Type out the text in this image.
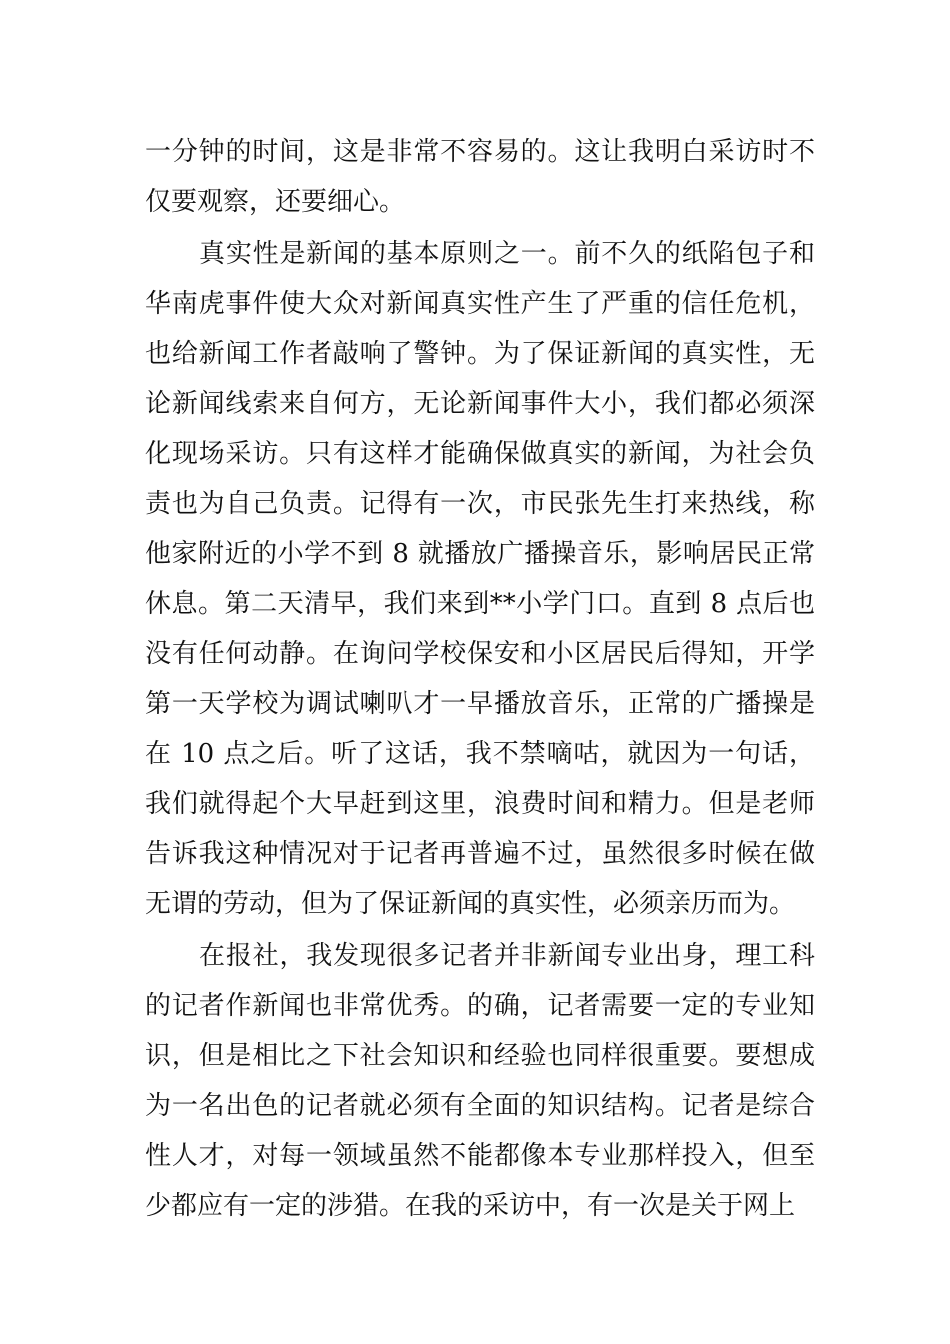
一分钟的时间，这是非常不容易的。这让我明白采访时不仅要观察，还要细心。

真实性是新闻的基本原则之一。前不久的纸陷包子和华南虎事件使大众对新闻真实性产生了严重的信任危机，也给新闻工作者敲响了警钟。为了保证新闻的真实性，无论新闻线索来自何方，无论新闻事件大小，我们都必须深化现场采访。只有这样才能确保做真实的新闻，为社会负责也为自己负责。记得有一次，市民张先生打来热线，称他家附近的小学不到 8 就播放广播操音乐，影响居民正常休息。第二天清早，我们来到**小学门口。直到 8 点后也没有任何动静。在询问学校保安和小区居民后得知，开学第一天学校为调试喇叭才一早播放音乐，正常的广播操是在 10 点之后。听了这话，我不禁嘀咕，就因为一句话，我们就得起个大早赶到这里，浪费时间和精力。但是老师告诉我这种情况对于记者再普遍不过，虽然很多时候在做无谓的劳动，但为了保证新闻的真实性，必须亲历而为。

在报社，我发现很多记者并非新闻专业出身，理工科的记者作新闻也非常优秀。的确，记者需要一定的专业知识，但是相比之下社会知识和经验也同样很重要。要想成为一名出色的记者就必须有全面的知识结构。记者是综合性人才，对每一领域虽然不能都像本专业那样投入，但至少都应有一定的涉猎。在我的采访中，有一次是关于网上
